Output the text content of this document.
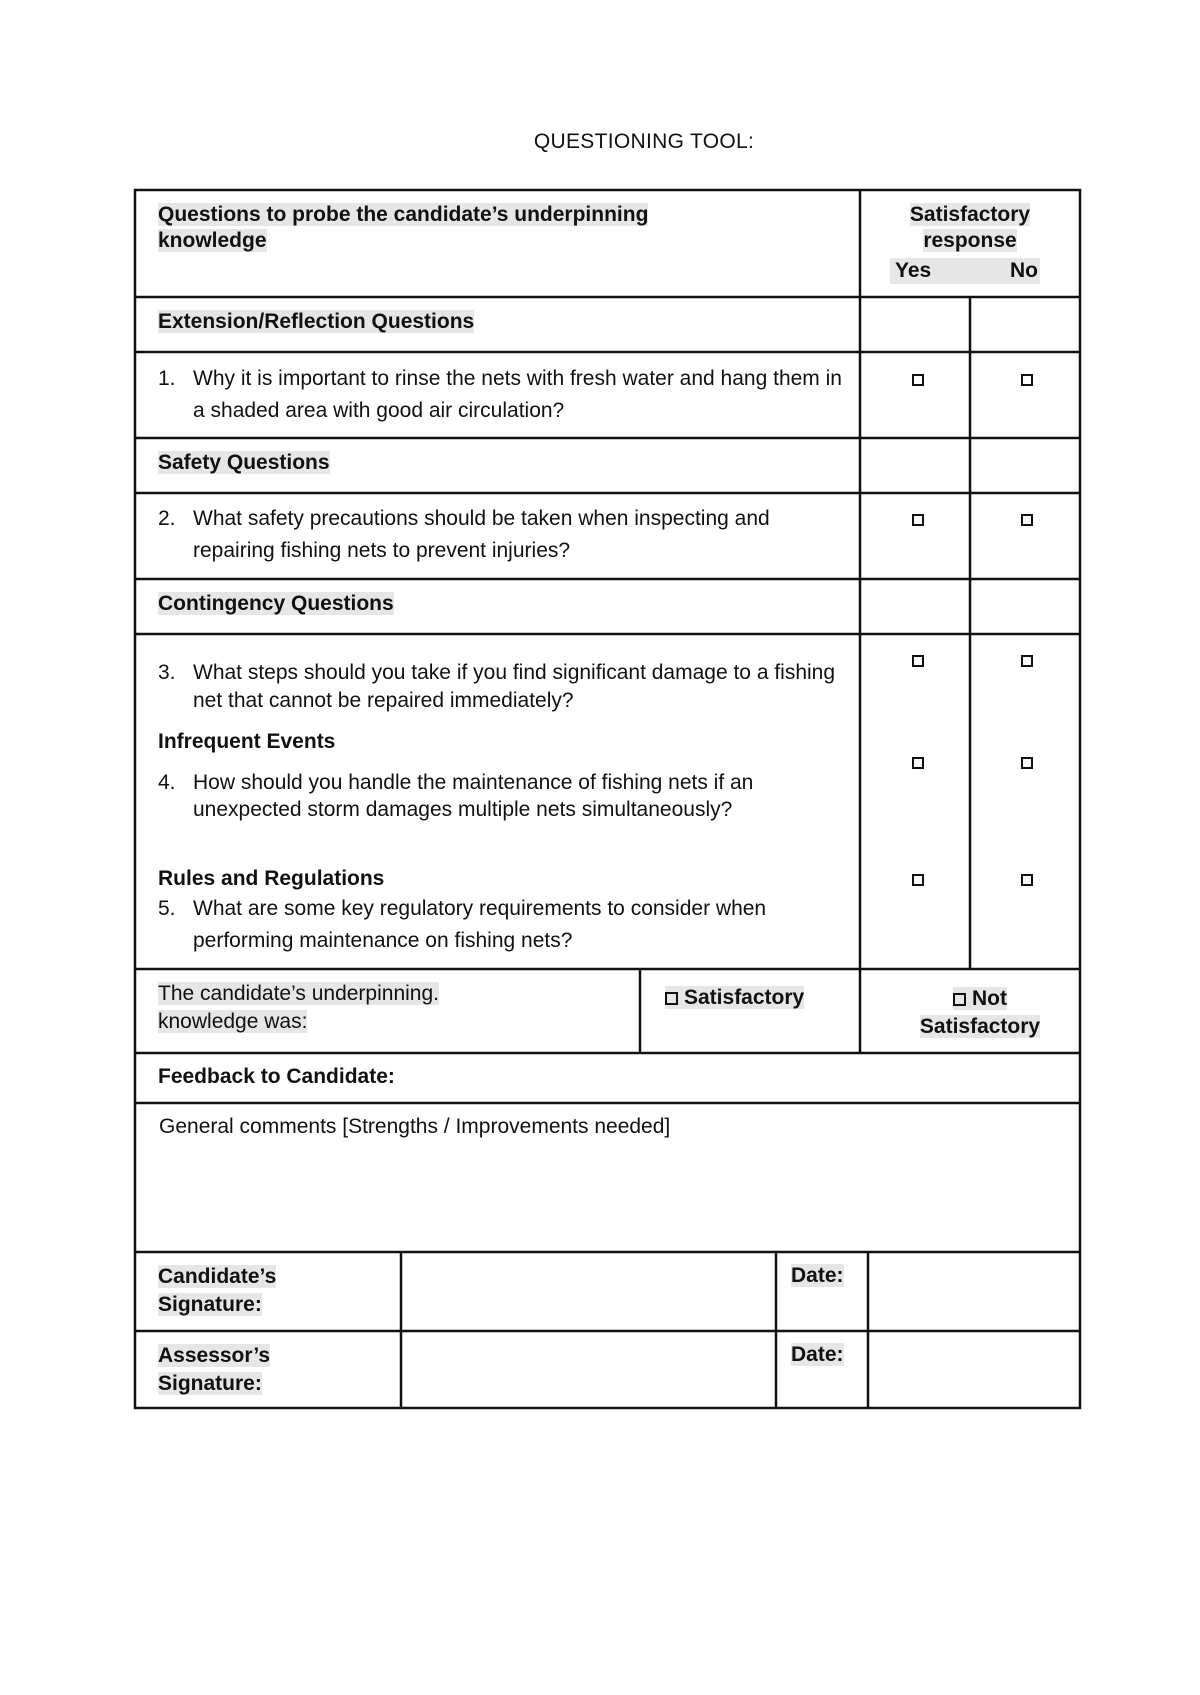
QUESTIONING TOOL:
Questions to probe the candidate’s underpinning knowledge
Satisfactory
response
Yes	No
Extension/Reflection Questions
1. Why it is important to rinse the nets with fresh water and hang them in a shaded area with good air circulation?
Safety Questions
2. What safety precautions should be taken when inspecting and repairing fishing nets to prevent injuries?
Contingency Questions
3. What steps should you take if you find significant damage to a fishing net that cannot be repaired immediately?
Infrequent Events
4. How should you handle the maintenance of fishing nets if an unexpected storm damages multiple nets simultaneously?
Rules and Regulations
5. What are some key regulatory requirements to consider when performing maintenance on fishing nets?
The candidate’s underpinning.
knowledge was:
Satisfactory	Not
Satisfactory
Feedback to Candidate:
General comments [Strengths / Improvements needed]
Candidate’s
Signature:
Date:
Assessor’s
Signature:
Date:
